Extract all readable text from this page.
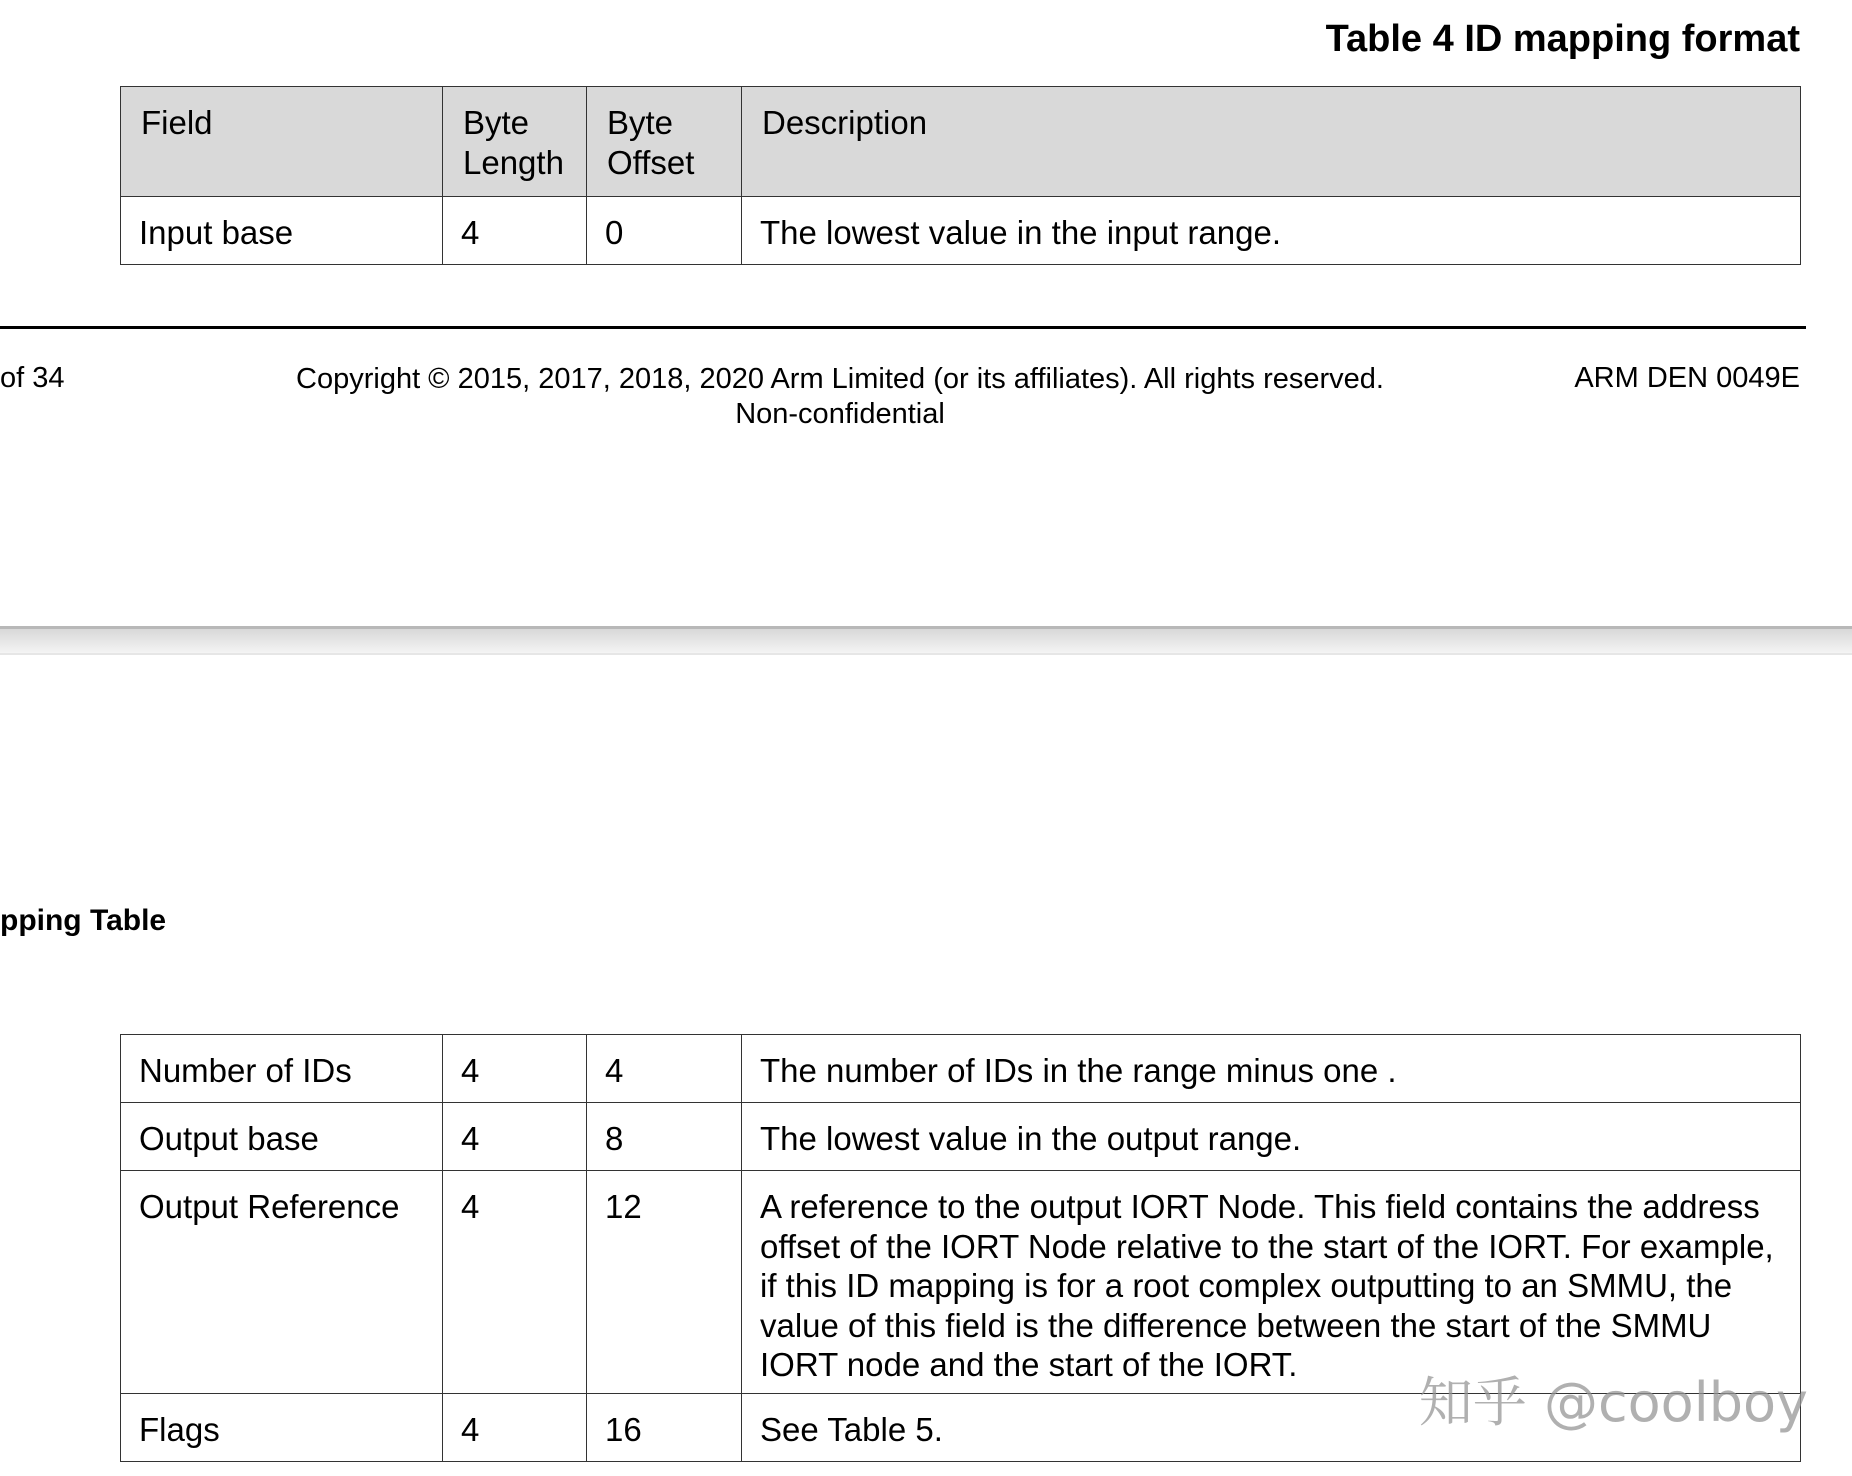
Table 4 ID mapping format
Field	Byte Length	Byte Offset	Description
Input base	4	0	The lowest value in the input range.
of 34	Copyright © 2015, 2017, 2018, 2020 Arm Limited (or its affiliates). All rights reserved.
Non-confidential
ARM DEN 0049E
pping Table
Number of IDs	4	4	The number of IDs in the range minus one .
Output base	4	8	The lowest value in the output range.
Output Reference	4	12	A reference to the output IORT Node. This field contains the address offset of the IORT Node relative to the start of the IORT. For example, if this ID mapping is for a root complex outputting to an SMMU, the value of this field is the difference between the start of the SMMU IORT node and the start of the IORT.
Flags	4	16	See Table 5.	知乎 @coolboy
